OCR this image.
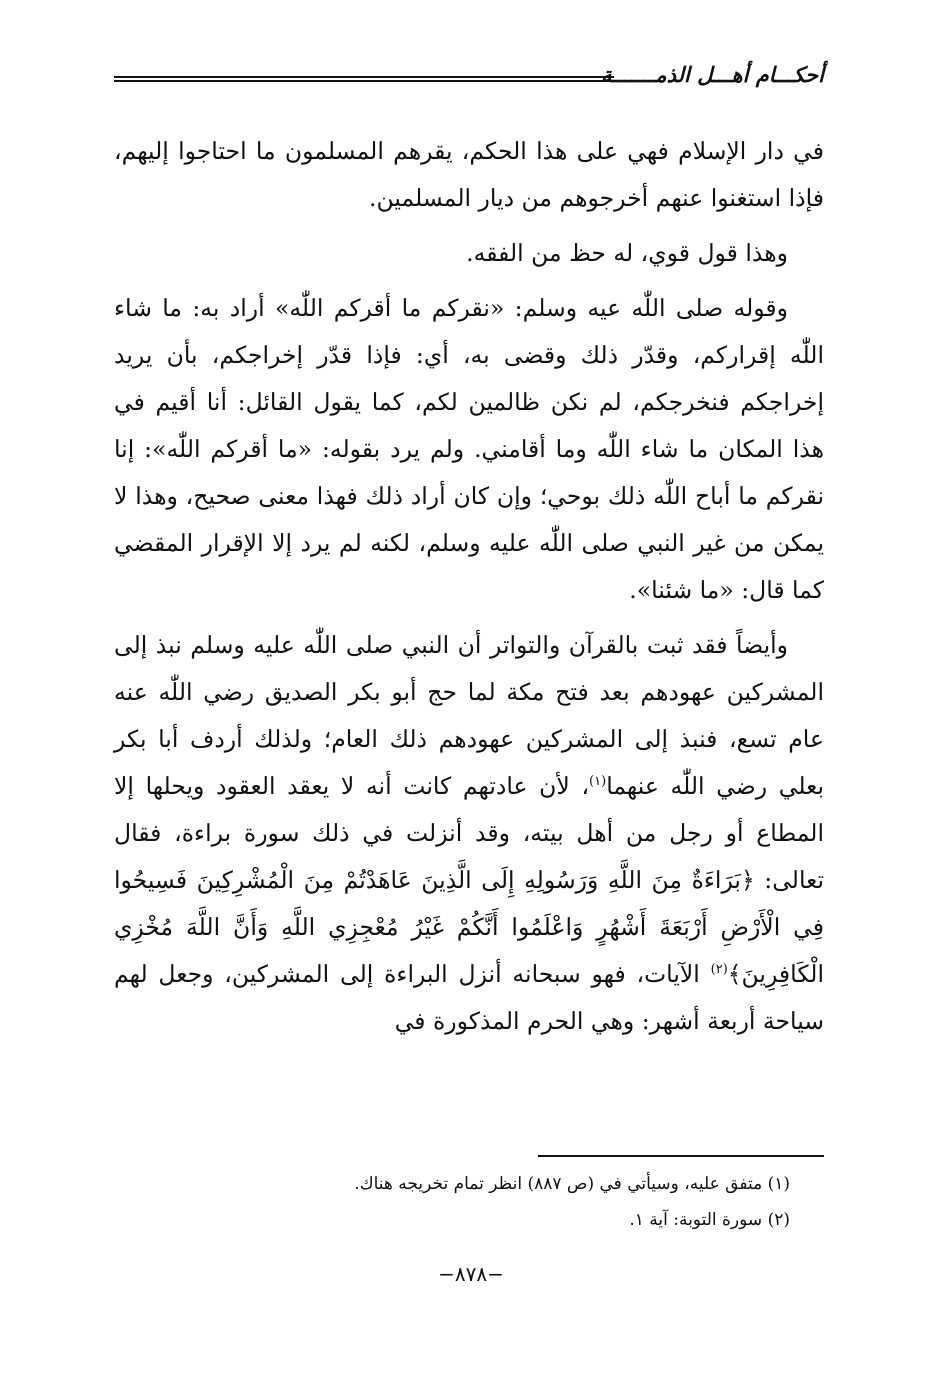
أحكـــام أهـــل الذمـــــــة

في دار الإسلام فهي على هذا الحكم، يقرهم المسلمون ما احتاجوا إليهم، فإذا استغنوا عنهم أخرجوهم من ديار المسلمين.

وهذا قول قوي، له حظ من الفقه.

وقوله صلى اللّٰه عيه وسلم: «نقركم ما أقركم اللّٰه» أراد به: ما شاء اللّٰه إقراركم، وقدّر ذلك وقضى به، أي: فإذا قدّر إخراجكم، بأن يريد إخراجكم فنخرجكم، لم نكن ظالمين لكم، كما يقول القائل: أنا أقيم في هذا المكان ما شاء اللّٰه وما أقامني. ولم يرد بقوله: «ما أقركم اللّٰه»: إنا نقركم ما أباح اللّٰه ذلك بوحي؛ وإن كان أراد ذلك فهذا معنى صحيح، وهذا لا يمكن من غير النبي صلى اللّٰه عليه وسلم، لكنه لم يرد إلا الإقرار المقضي كما قال: «ما شئنا».

وأيضاً فقد ثبت بالقرآن والتواتر أن النبي صلى اللّٰه عليه وسلم نبذ إلى المشركين عهودهم بعد فتح مكة لما حج أبو بكر الصديق رضي اللّٰه عنه عام تسع، فنبذ إلى المشركين عهودهم ذلك العام؛ ولذلك أردف أبا بكر بعلي رضي اللّٰه عنهما$^{(١)}$، لأن عادتهم كانت أنه لا يعقد العقود ويحلها إلا المطاع أو رجل من أهل بيته، وقد أنزلت في ذلك سورة براءة، فقال تعالى: ﴿بَرَاءَةٌ مِنَ اللَّهِ وَرَسُولِهِ إِلَى الَّذِينَ عَاهَدْتُمْ مِنَ الْمُشْرِكِينَ فَسِيحُوا فِي الْأَرْضِ أَرْبَعَةَ أَشْهُرٍ وَاعْلَمُوا أَنَّكُمْ غَيْرُ مُعْجِزِي اللَّهِ وَأَنَّ اللَّهَ مُخْزِي الْكَافِرِينَ﴾$^{(٢)}$ الآيات، فهو سبحانه أنزل البراءة إلى المشركين، وجعل لهم سياحة أربعة أشهر: وهي الحرم المذكورة في

(١) متفق عليه، وسيأتي في (ص ٨٨٧) انظر تمام تخريجه هناك.
(٢) سورة التوبة: آية ١.
−٨٧٨−
